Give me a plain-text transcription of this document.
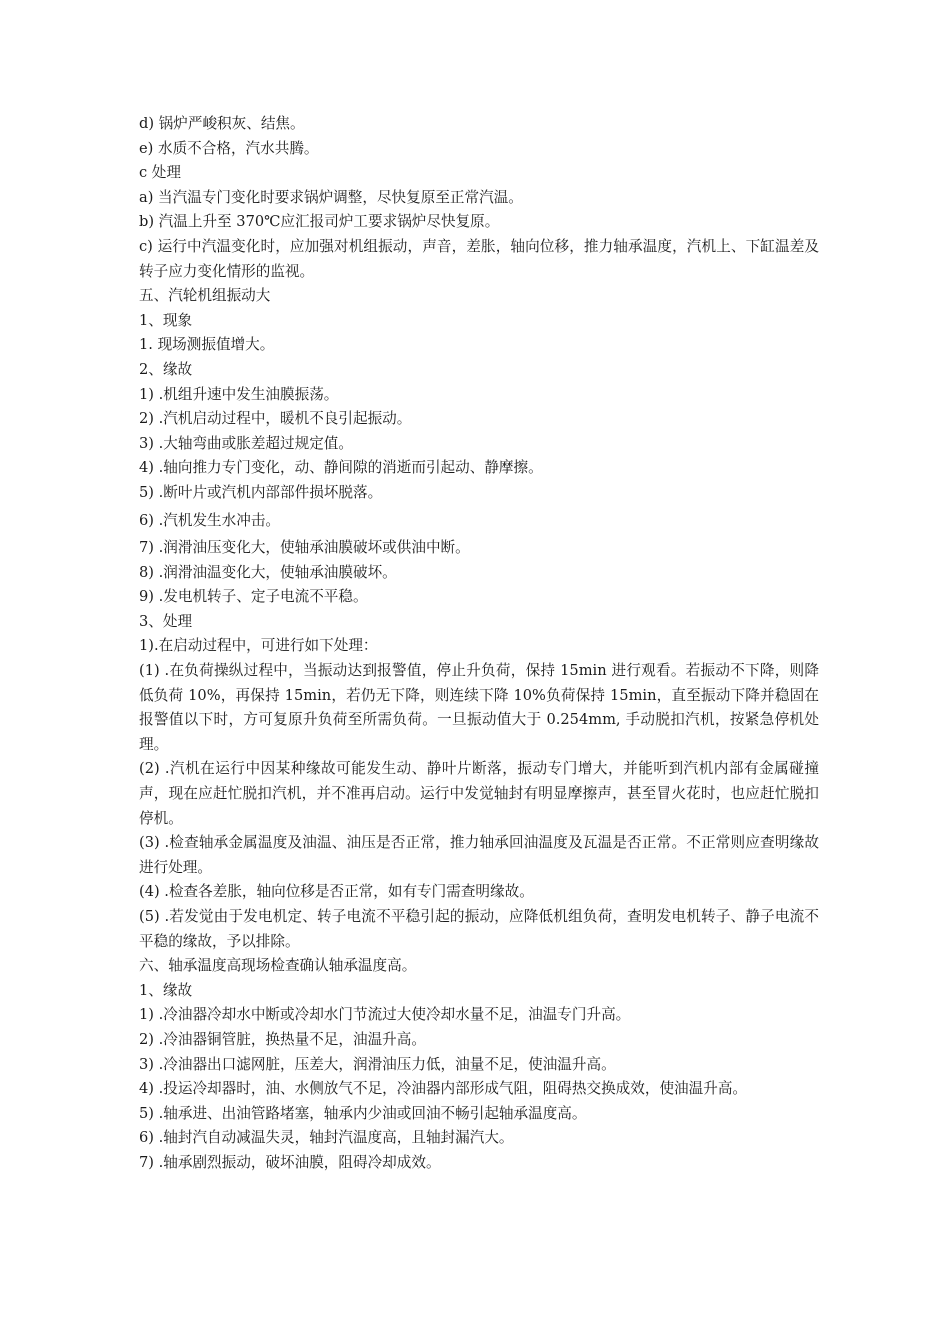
d) 锅炉严峻积灰、结焦。

e) 水质不合格，汽水共腾。

c 处理

a) 当汽温专门变化时要求锅炉调整，尽快复原至正常汽温。

b) 汽温上升至 370℃应汇报司炉工要求锅炉尽快复原。

c) 运行中汽温变化时，应加强对机组振动，声音，差胀，轴向位移，推力轴承温度，汽机上、下缸温差及转子应力变化情形的监视。

五、汽轮机组振动大

1、现象

1. 现场测振值增大。

2、缘故

1) .机组升速中发生油膜振荡。

2) .汽机启动过程中，暖机不良引起振动。

3) .大轴弯曲或胀差超过规定值。

4) .轴向推力专门变化，动、静间隙的消逝而引起动、静摩擦。

5) .断叶片或汽机内部部件损坏脱落。

6) .汽机发生水冲击。

7) .润滑油压变化大，使轴承油膜破坏或供油中断。

8) .润滑油温变化大，使轴承油膜破坏。

9) .发电机转子、定子电流不平稳。

3、处理

1).在启动过程中，可进行如下处理：

(1) .在负荷操纵过程中，当振动达到报警值，停止升负荷，保持 15min 进行观看。若振动不下降，则降低负荷 10%，再保持 15min，若仍无下降，则连续下降 10%负荷保持 15min，直至振动下降并稳固在报警值以下时，方可复原升负荷至所需负荷。一旦振动值大于 0.254mm, 手动脱扣汽机，按紧急停机处理。

(2) .汽机在运行中因某种缘故可能发生动、静叶片断落，振动专门增大，并能听到汽机内部有金属碰撞声，现在应赶忙脱扣汽机，并不准再启动。运行中发觉轴封有明显摩擦声，甚至冒火花时，也应赶忙脱扣停机。

(3) .检查轴承金属温度及油温、油压是否正常，推力轴承回油温度及瓦温是否正常。不正常则应查明缘故进行处理。

(4) .检查各差胀，轴向位移是否正常，如有专门需查明缘故。

(5) .若发觉由于发电机定、转子电流不平稳引起的振动，应降低机组负荷，查明发电机转子、静子电流不平稳的缘故，予以排除。

六、轴承温度高现场检查确认轴承温度高。

1、缘故

1) .冷油器冷却水中断或冷却水门节流过大使冷却水量不足，油温专门升高。

2) .冷油器铜管脏，换热量不足，油温升高。

3) .冷油器出口滤网脏，压差大，润滑油压力低，油量不足，使油温升高。

4) .投运冷却器时，油、水侧放气不足，冷油器内部形成气阻，阻碍热交换成效，使油温升高。

5) .轴承进、出油管路堵塞，轴承内少油或回油不畅引起轴承温度高。

6) .轴封汽自动减温失灵，轴封汽温度高，且轴封漏汽大。

7) .轴承剧烈振动，破坏油膜，阻碍冷却成效。
